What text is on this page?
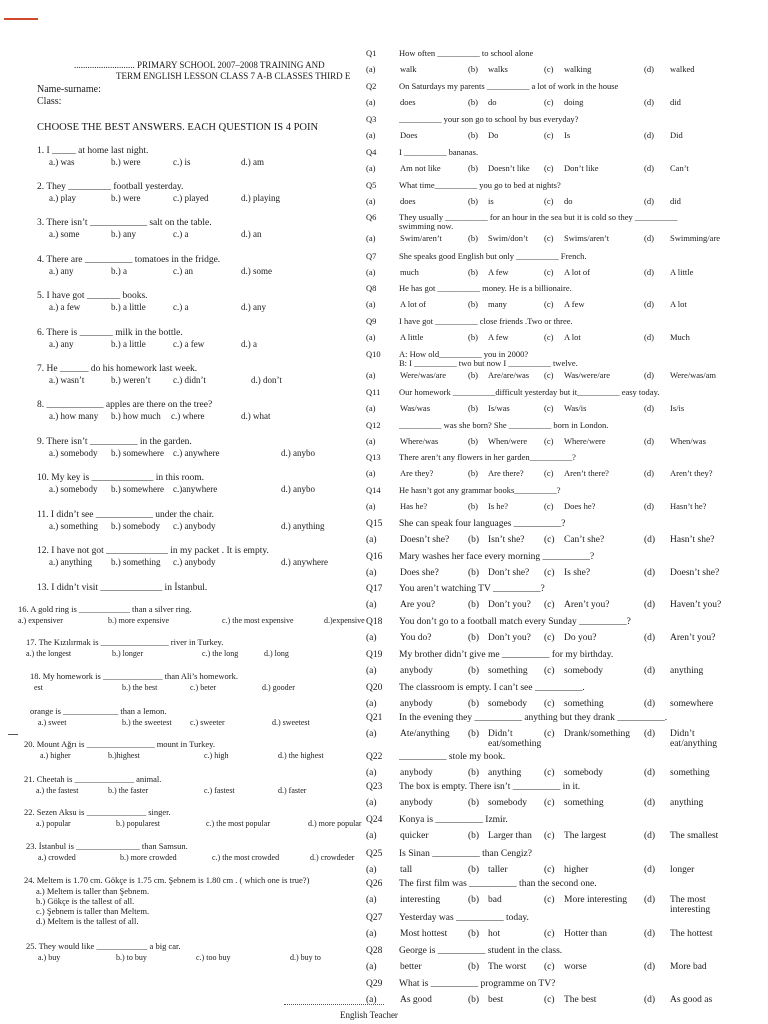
........................... PRIMARY SCHOOL 2007–2008 TRAINING AND
TERM ENGLISH LESSON CLASS 7 A-B CLASSES THIRD E
Name-surname:
Class:
CHOOSE THE BEST ANSWERS. EACH QUESTION IS 4 POIN
1. I _____ at home last night.
a.) was	b.) were	c.) is	d.) am
2. They _________ football yesterday.
a.) play	b.) were	c.) played	d.) playing
3. There isn’t ____________ salt on the table.
a.) some	b.) any	c.) a	d.) an
4. There are __________ tomatoes in the fridge.
a.) any	b.) a	c.) an	d.) some
5. I have got _______ books.
a.) a few	b.) a little	c.) a	d.) any
6. There is _______ milk in the bottle.
a.) any	b.) a little	c.) a few	d.) a
7. He ______ do his homework last week.
a.) wasn’t	b.) weren’t	c.) didn’t	d.) don’t
8. ____________ apples are there on the tree?
a.) how many b.) how much c.) where	d.) what
9. There isn’t __________ in the garden.
a.) somebody b.) somewhere c.) anywhere	d.) anybo
10. My key is _____________ in this room.
a.) somebody b.) somewhere c.)anywhere	d.) anybo
11. I didn’t see ____________ under the chair.
a.) something b.) somebody c.) anybody	d.) anything
12. I have not got _____________ in my packet . It is empty.
a.) anything b.) something c.) anybody	d.) anywhere
13. I didn’t visit _____________ in İstanbul.
16. A gold ring is ____________ than a silver ring.
a.) expensiver	b.) more expensive	c.) the most expensive	d.)expensive
17. The Kızılırmak is ________________ river in Turkey.
a.) the longest	b.) longer	c.) the long	d.) long
18. My homework is ______________ than Ali’s homework.
est	b.) the best	c.) beter	d.) gooder
orange is _____________ than a lemon.
a.) sweet	b.) the sweetest c.) sweeter	d.) sweetest
20. Mount Ağrı is ________________ mount in Turkey.
a.) higher	b.)highest	c.) high	d.) the highest
21. Cheetah is ______________ animal.
a.) the fastest	b.) the faster	c.) fastest	d.) faster
22. Sezen Aksu is ______________ singer.
a.) popular	b.) popularest	c.) the most popular	d.) more popular
23. İstanbul is _______________ than Samsun.
a.) crowded	b.) more crowded	c.) the most crowded	d.) crowdeder
24. Meltem is 1.70 cm. Gökçe is 1.75 cm. Şebnem is 1.80 cm . ( which one is true?)
a.) Meltem is taller than Şebnem.
b.) Gökçe is the tallest of all.
c.) Şebnem is taller than Meltem.
d.) Meltem is the tallest of all.
25. They would like ____________ a big car.
a.) buy	b.) to buy	c.) too buy	d.) buy to
Q1	How often __________ to school alone
(a)	walk	(b) walks	(c) walking	(d) walked
Q2	On Saturdays my parents __________ a lot of work in the house
(a)	does	(b) do	(c) doing	(d) did
Q3	__________ your son go to school by bus everyday?
(a)	Does	(b) Do	(c) Is	(d) Did
Q4	I __________ bananas.
(a)	Am not like	(b) Doesn’t like (c) Don’t like	(d) Can’t
Q5	What time__________ you go to bed at nights?
(a)	does	(b) is	(c) do	(d) did
Q6	They usually __________ for an hour in the sea but it is cold so they __________
swimming now.
(a)	Swim/aren’t	(b) Swim/don’t (c) Swims/aren’t	(d) Swimming/are
Q7	She speaks good English but only __________ French.
(a)	much	(b) A few	(c) A lot of	(d) A little
Q8	He has got __________ money. He is a billionaire.
(a)	A lot of	(b) many	(c) A few	(d) A lot
Q9	I have got __________ close friends .Two or three.
(a)	A little	(b) A few	(c) A lot	(d) Much
Q10 A: How old__________ you in 2000?
B: I __________ two but now I __________ twelve.
(a)	Were/was/are	(b) Are/are/was (c) Was/were/are	(d) Were/was/am
Q11 Our homework __________difficult yesterday but it__________ easy today.
(a)	Was/was	(b) Is/was	(c) Was/is	(d) Is/is
Q12 __________ was she born? She __________ born in London.
(a)	Where/was	(b) When/were (c) Where/were	(d) When/was
Q13 There aren’t any flowers in her garden__________?
(a)	Are they?	(b) Are there? (c) Aren’t there?	(d) Aren’t they?
Q14 He hasn’t got any grammar books__________?
(a)	Has he?	(b) Is he?	(c) Does he?	(d) Hasn’t he?
Q15 She can speak four languages __________?
(a) Doesn’t she? (b) Isn’t she? (c) Can’t she?	(d) Hasn’t she?
Q16 Mary washes her face every morning __________?
(a) Does she?	(b) Don’t she? (c) Is she?	(d) Doesn’t she?
Q17 You aren’t watching TV __________?
(a) Are you?	(b) Don’t you? (c) Aren’t you?	(d) Haven’t you?
Q18 You don’t go to a football match every Sunday __________?
(a) You do?	(b) Don’t you? (c) Do you?	(d) Aren’t you?
Q19 My brother didn’t give me __________ for my birthday.
(a) anybody	(b) something (c) somebody	(d) anything
Q20 The classroom is empty. I can’t see __________.
(a) anybody	(b) somebody (c) something	(d) somewhere
Q21 In the evening they __________ anything but they drank __________.
(a) Ate/anything (b) Didn’t eat/something
(c) Drank/something (d) Didn’t eat/anything
Q22 __________ stole my book.
(a) anybody	(b) anything (c) somebody	(d) something
Q23 The box is empty. There isn’t __________ in it.
(a) anybody	(b) somebody (c) something	(d) anything
Q24 Konya is __________ Izmir.
(a) quicker	(b) Larger than (c) The largest	(d) The smallest
Q25 Is Sinan __________ than Cengiz?
(a) tall	(b) taller	(c) higher	(d) longer
Q26 The first film was __________ than the second one.
(a) interesting	(b) bad	(c) More interesting (d) The most interesting
Q27 Yesterday was __________ today.
(a) Most hottest (b) hot	(c) Hotter than	(d) The hottest
Q28 George is __________ student in the class.
(a) better	(b) The worst (c) worse	(d) More bad
Q29 What is __________ programme on TV?
(a) As good	(b) best	(c) The best	(d) As good as
English Teacher
